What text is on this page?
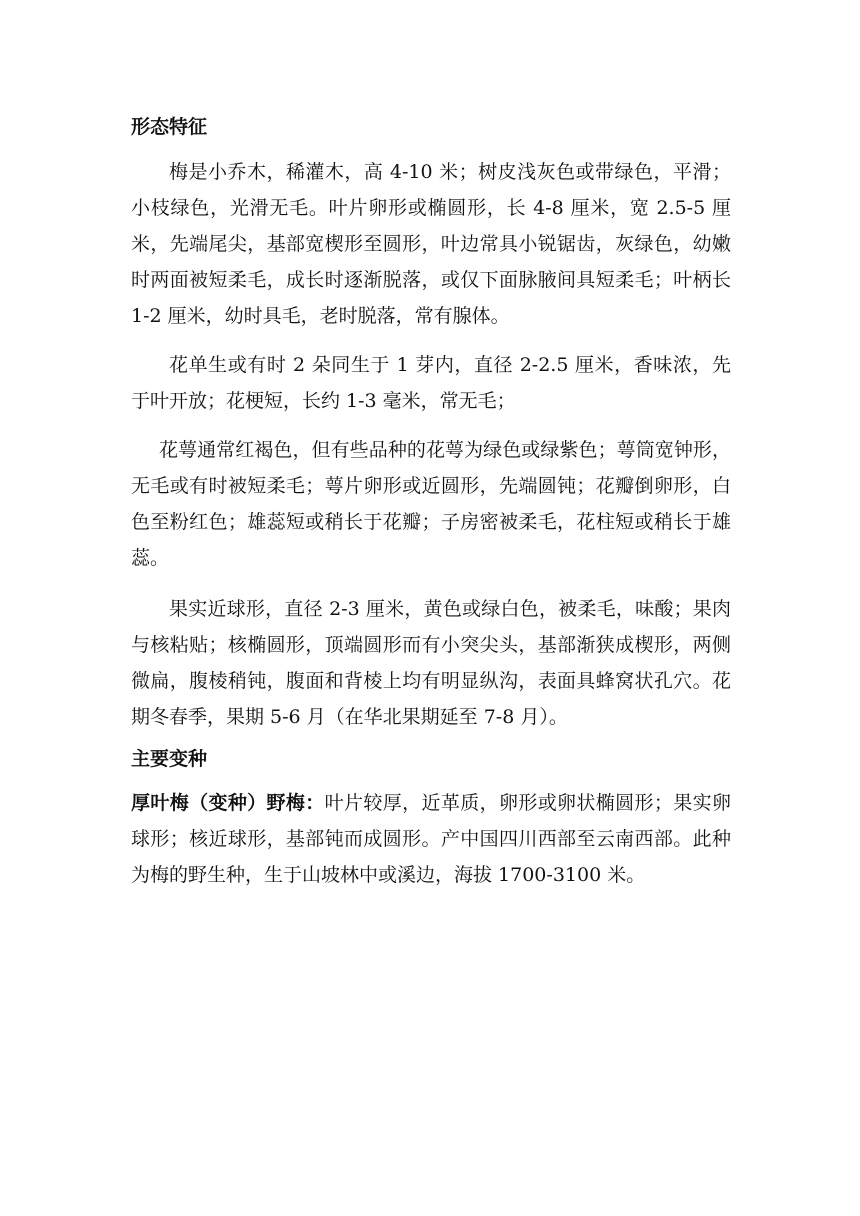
形态特征

梅是小乔木，稀灌木，高 4-10 米；树皮浅灰色或带绿色，平滑；小枝绿色，光滑无毛。叶片卵形或椭圆形，长 4-8 厘米，宽 2.5-5 厘米，先端尾尖，基部宽楔形至圆形，叶边常具小锐锯齿，灰绿色，幼嫩时两面被短柔毛，成长时逐渐脱落，或仅下面脉腋间具短柔毛；叶柄长 1-2 厘米，幼时具毛，老时脱落，常有腺体。

花单生或有时 2 朵同生于 1 芽内，直径 2-2.5 厘米，香味浓，先于叶开放；花梗短，长约 1-3 毫米，常无毛；

花萼通常红褐色，但有些品种的花萼为绿色或绿紫色；萼筒宽钟形，无毛或有时被短柔毛；萼片卵形或近圆形，先端圆钝；花瓣倒卵形，白色至粉红色；雄蕊短或稍长于花瓣；子房密被柔毛，花柱短或稍长于雄蕊。

果实近球形，直径 2-3 厘米，黄色或绿白色，被柔毛，味酸；果肉与核粘贴；核椭圆形，顶端圆形而有小突尖头，基部渐狭成楔形，两侧微扁，腹棱稍钝，腹面和背棱上均有明显纵沟，表面具蜂窝状孔穴。花期冬春季，果期 5-6 月（在华北果期延至 7-8 月）。

主要变种

厚叶梅（变种）野梅：叶片较厚，近革质，卵形或卵状椭圆形；果实卵球形；核近球形，基部钝而成圆形。产中国四川西部至云南西部。此种为梅的野生种，生于山坡林中或溪边，海拔 1700-3100 米。
